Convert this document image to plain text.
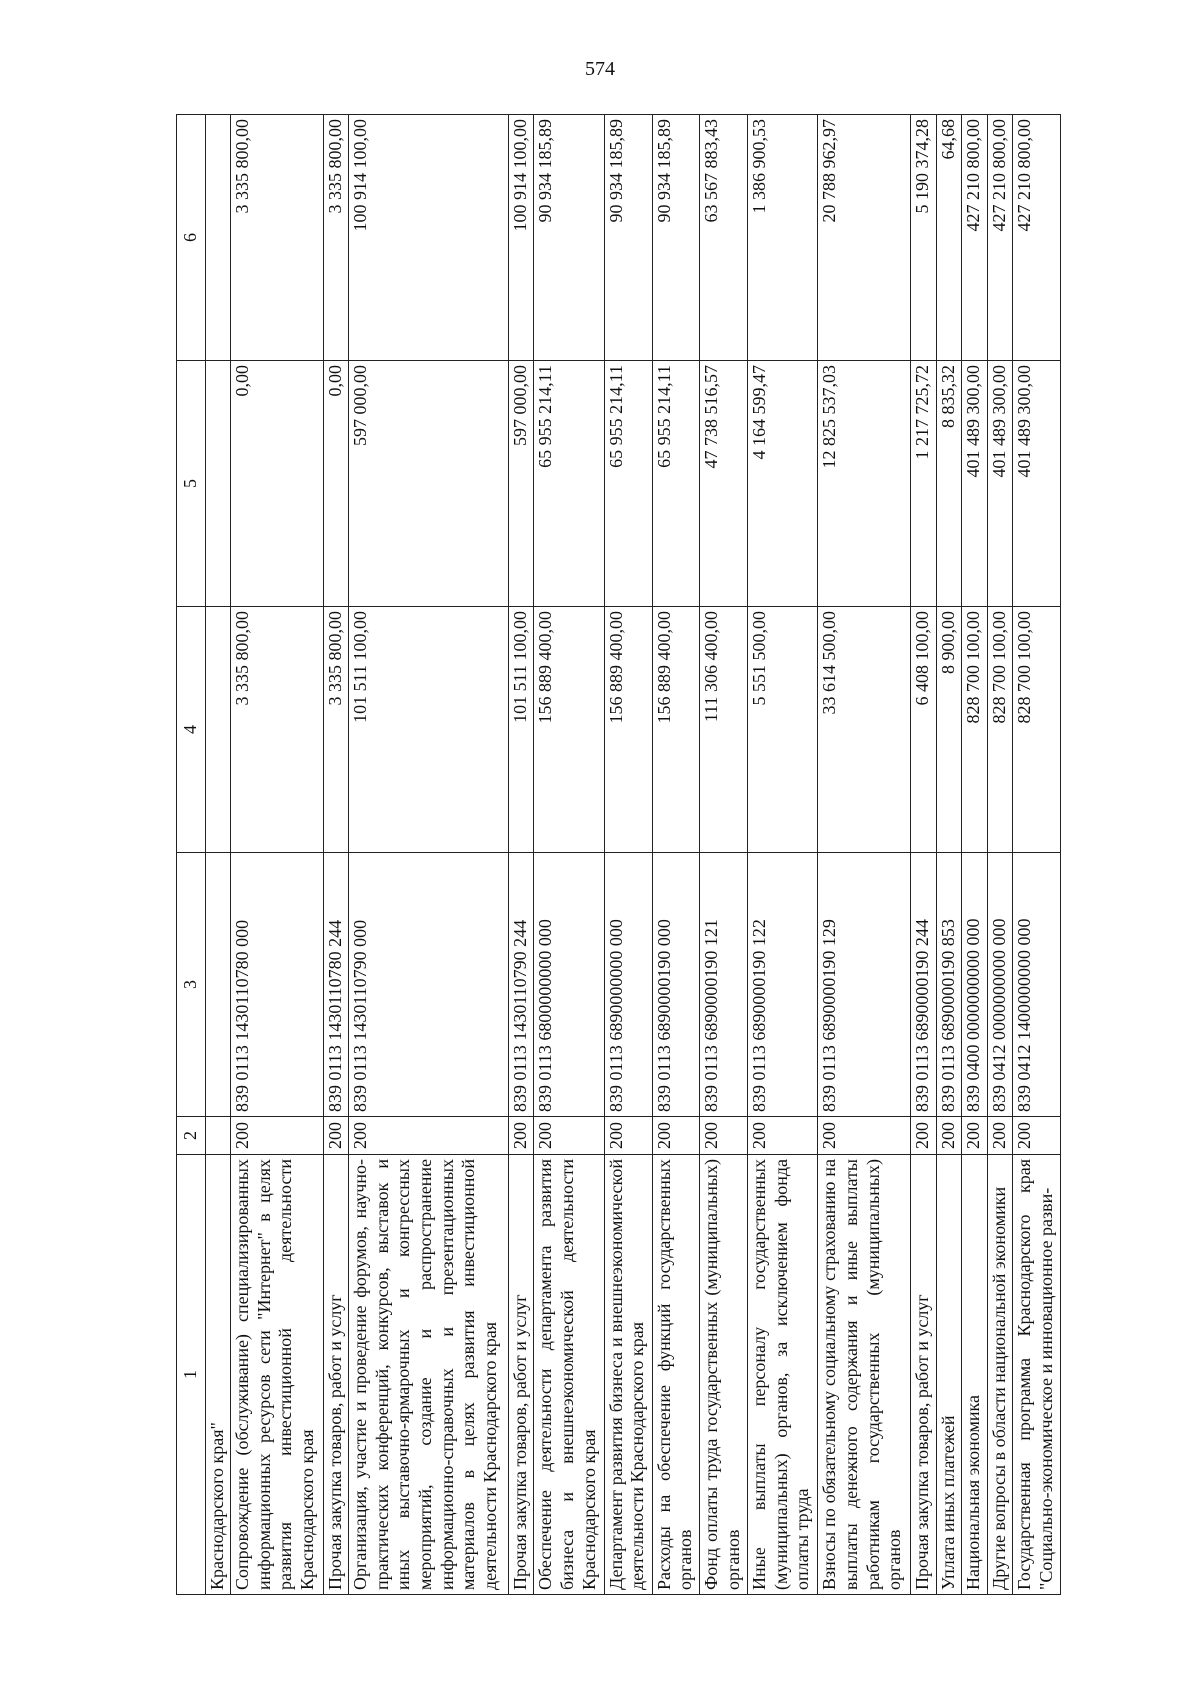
574
1	2	3	4	5	6
Краснодарского края"					
Сопровождение (обслуживание) специализированных информационных ресурсов сети "Интернет" в целях развития инвестиционной деятельности Краснодарского края	200	839 0113 1430110780 000	3 335 800,00	0,00	3 335 800,00
Прочая закупка товаров, работ и услуг	200	839 0113 1430110780 244	3 335 800,00	0,00	3 335 800,00
Организация, участие и проведение форумов, научно-практических конференций, конкурсов, выставок и иных выставочно-ярмарочных и конгрессных мероприятий, создание и распространение информационно-справочных и презентационных материалов в целях развития инвестиционной деятельности Краснодарского края	200	839 0113 1430110790 000	101 511 100,00	597 000,00	100 914 100,00
Прочая закупка товаров, работ и услуг	200	839 0113 1430110790 244	101 511 100,00	597 000,00	100 914 100,00
Обеспечение деятельности департамента развития бизнеса и внешнеэкономической деятельности Краснодарского края	200	839 0113 6800000000 000	156 889 400,00	65 955 214,11	90 934 185,89
Департамент развития бизнеса и внешнеэкономической деятельности Краснодарского края	200	839 0113 6890000000 000	156 889 400,00	65 955 214,11	90 934 185,89
Расходы на обеспечение функций государственных органов	200	839 0113 6890000190 000	156 889 400,00	65 955 214,11	90 934 185,89
Фонд оплаты труда государственных (муниципальных) органов	200	839 0113 6890000190 121	111 306 400,00	47 738 516,57	63 567 883,43
Иные выплаты персоналу государственных (муниципальных) органов, за исключением фонда оплаты труда	200	839 0113 6890000190 122	5 551 500,00	4 164 599,47	1 386 900,53
Взносы по обязательному социальному страхованию на выплаты денежного содержания и иные выплаты работникам государственных (муниципальных) органов	200	839 0113 6890000190 129	33 614 500,00	12 825 537,03	20 788 962,97
Прочая закупка товаров, работ и услуг	200	839 0113 6890000190 244	6 408 100,00	1 217 725,72	5 190 374,28
Уплата иных платежей	200	839 0113 6890000190 853	8 900,00	8 835,32	64,68
Национальная экономика	200	839 0400 0000000000 000	828 700 100,00	401 489 300,00	427 210 800,00
Другие вопросы в области национальной экономики	200	839 0412 0000000000 000	828 700 100,00	401 489 300,00	427 210 800,00
Государственная программа Краснодарского края "Социально-экономическое и инновационное разви-	200	839 0412 1400000000 000	828 700 100,00	401 489 300,00	427 210 800,00
